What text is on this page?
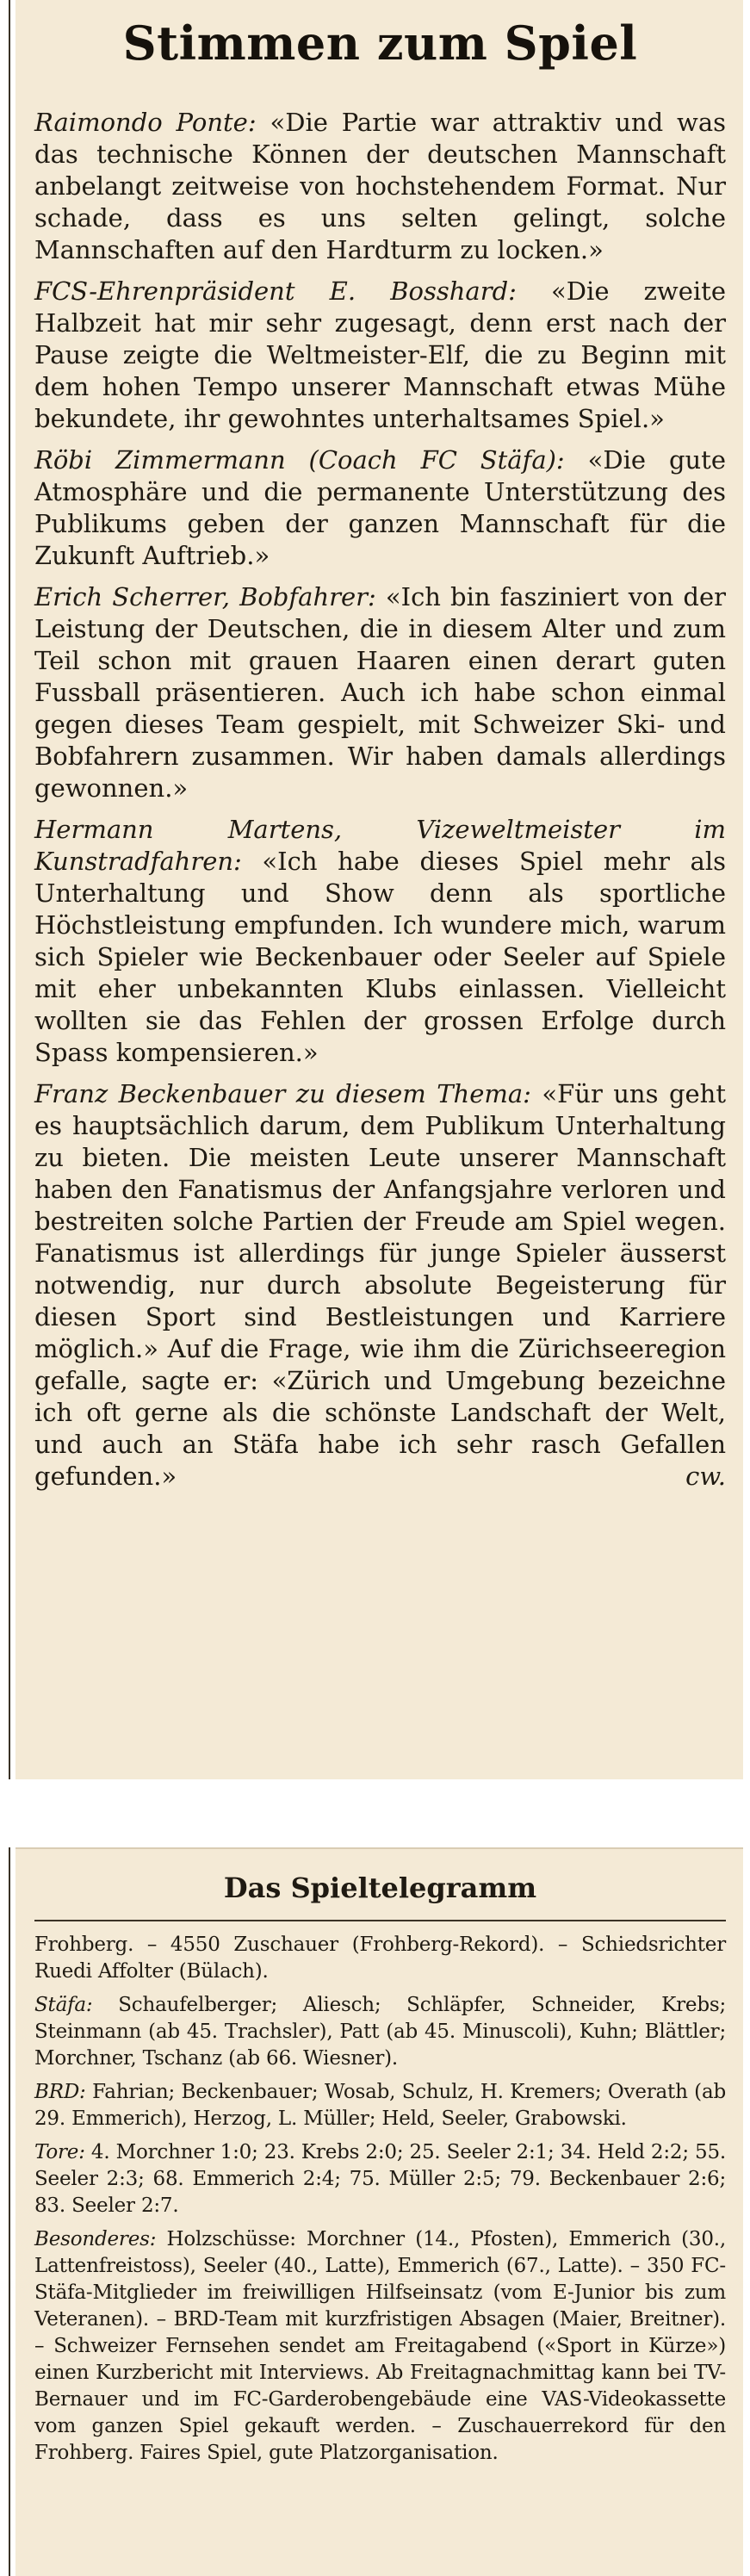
Stimmen zum Spiel

Raimondo Ponte: «Die Partie war attraktiv und was das technische Können der deutschen Mannschaft anbelangt zeitweise von hochstehendem Format. Nur schade, dass es uns selten gelingt, solche Mannschaften auf den Hardturm zu locken.»

FCS-Ehrenpräsident E. Bosshard: «Die zweite Halbzeit hat mir sehr zugesagt, denn erst nach der Pause zeigte die Weltmeister-Elf, die zu Beginn mit dem hohen Tempo unserer Mannschaft etwas Mühe bekundete, ihr gewohntes unterhaltsames Spiel.»

Röbi Zimmermann (Coach FC Stäfa): «Die gute Atmosphäre und die permanente Unterstützung des Publikums geben der ganzen Mannschaft für die Zukunft Auftrieb.»

Erich Scherrer, Bobfahrer: «Ich bin fasziniert von der Leistung der Deutschen, die in diesem Alter und zum Teil schon mit grauen Haaren einen derart guten Fussball präsentieren. Auch ich habe schon einmal gegen dieses Team gespielt, mit Schweizer Ski- und Bobfahrern zusammen. Wir haben damals allerdings gewonnen.»

Hermann Martens, Vizeweltmeister im Kunstradfahren: «Ich habe dieses Spiel mehr als Unterhaltung und Show denn als sportliche Höchstleistung empfunden. Ich wundere mich, warum sich Spieler wie Beckenbauer oder Seeler auf Spiele mit eher unbekannten Klubs einlassen. Vielleicht wollten sie das Fehlen der grossen Erfolge durch Spass kompensieren.»

Franz Beckenbauer zu diesem Thema: «Für uns geht es hauptsächlich darum, dem Publikum Unterhaltung zu bieten. Die meisten Leute unserer Mannschaft haben den Fanatismus der Anfangsjahre verloren und bestreiten solche Partien der Freude am Spiel wegen. Fanatismus ist allerdings für junge Spieler äusserst notwendig, nur durch absolute Begeisterung für diesen Sport sind Bestleistungen und Karriere möglich.» Auf die Frage, wie ihm die Zürichseeregion gefalle, sagte er: «Zürich und Umgebung bezeichne ich oft gerne als die schönste Landschaft der Welt, und auch an Stäfa habe ich sehr rasch Gefallen gefunden.»	cw.

Das Spieltelegramm

Frohberg. – 4550 Zuschauer (Frohberg-Rekord). – Schiedsrichter Ruedi Affolter (Bülach).

Stäfa: Schaufelberger; Aliesch; Schläpfer, Schneider, Krebs; Steinmann (ab 45. Trachsler), Patt (ab 45. Minuscoli), Kuhn; Blättler; Morchner, Tschanz (ab 66. Wiesner).

BRD: Fahrian; Beckenbauer; Wosab, Schulz, H. Kremers; Overath (ab 29. Emmerich), Herzog, L. Müller; Held, Seeler, Grabowski.

Tore: 4. Morchner 1:0; 23. Krebs 2:0; 25. Seeler 2:1; 34. Held 2:2; 55. Seeler 2:3; 68. Emmerich 2:4; 75. Müller 2:5; 79. Beckenbauer 2:6; 83. Seeler 2:7.

Besonderes: Holzschüsse: Morchner (14., Pfosten), Emmerich (30., Lattenfreistoss), Seeler (40., Latte), Emmerich (67., Latte). – 350 FC-Stäfa-Mitglieder im freiwilligen Hilfseinsatz (vom E-Junior bis zum Veteranen). – BRD-Team mit kurzfristigen Absagen (Maier, Breitner). – Schweizer Fernsehen sendet am Freitagabend («Sport in Kürze») einen Kurzbericht mit Interviews. Ab Freitagnachmittag kann bei TV-Bernauer und im FC-Garderobengebäude eine VAS-Videokassette vom ganzen Spiel gekauft werden. – Zuschauerrekord für den Frohberg. Faires Spiel, gute Platzorganisation.
